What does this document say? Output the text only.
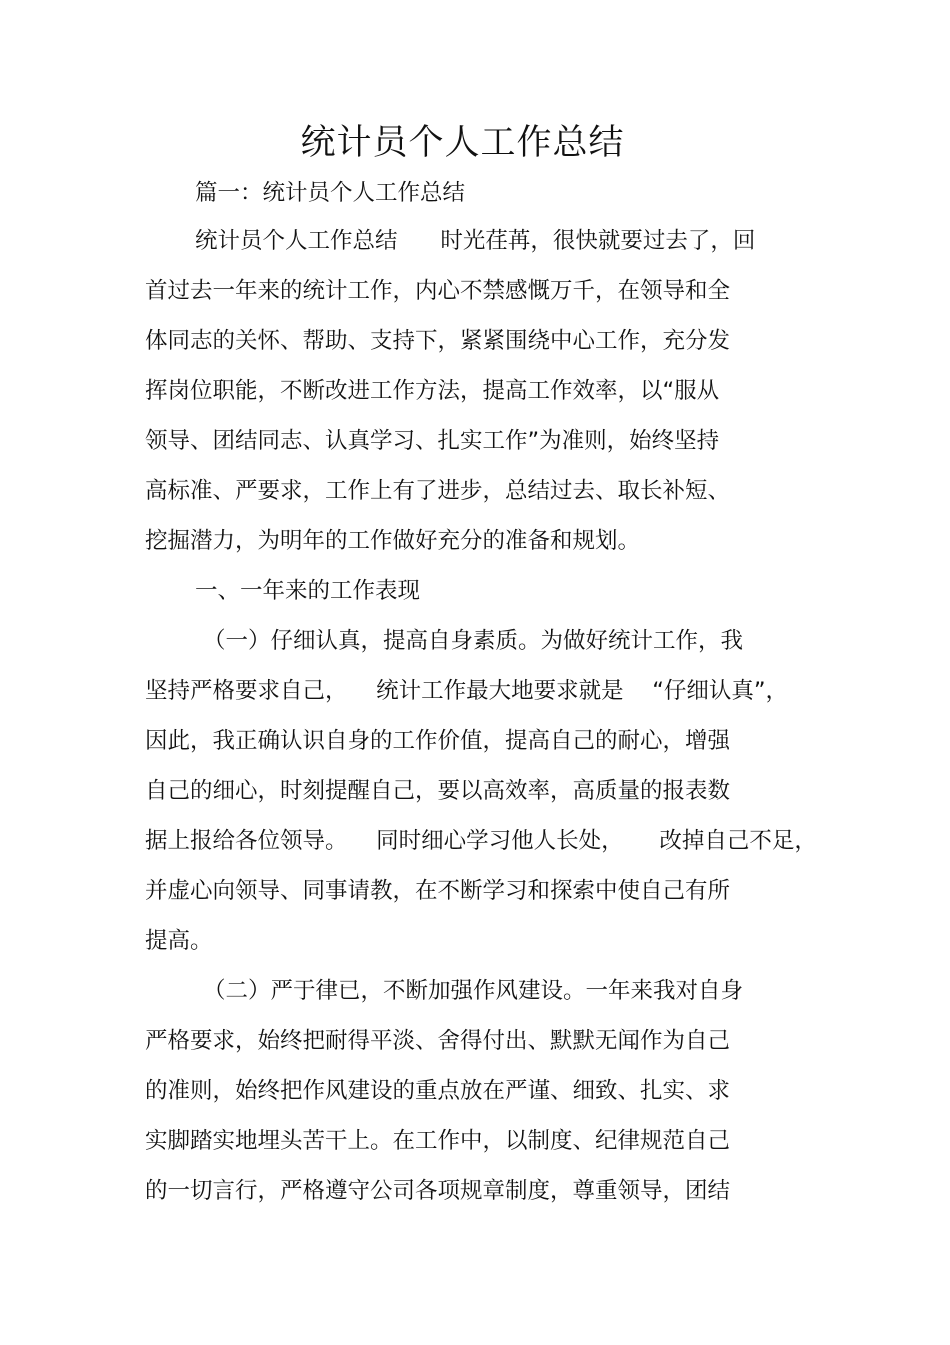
统计员个人工作总结
篇一：统计员个人工作总结
统计员个人工作总结      时光荏苒，很快就要过去了，回
首过去一年来的统计工作，内心不禁感慨万千，在领导和全
体同志的关怀、帮助、支持下，紧紧围绕中心工作，充分发
挥岗位职能，不断改进工作方法，提高工作效率，以“服从
领导、团结同志、认真学习、扎实工作”为准则，始终坚持
高标准、严要求，工作上有了进步，总结过去、取长补短、
挖掘潜力，为明年的工作做好充分的准备和规划。
一、一年来的工作表现
（一）仔细认真，提高自身素质。为做好统计工作，我
坚持严格要求自己，    统计工作最大地要求就是    “仔细认真”，
因此，我正确认识自身的工作价值，提高自己的耐心，增强
自己的细心，时刻提醒自己，要以高效率，高质量的报表数
据上报给各位领导。    同时细心学习他人长处，     改掉自己不足，
并虚心向领导、同事请教，在不断学习和探索中使自己有所
提高。
（二）严于律已，不断加强作风建设。一年来我对自身
严格要求，始终把耐得平淡、舍得付出、默默无闻作为自己
的准则，始终把作风建设的重点放在严谨、细致、扎实、求
实脚踏实地埋头苦干上。在工作中，以制度、纪律规范自己
的一切言行，严格遵守公司各项规章制度，尊重领导，团结
